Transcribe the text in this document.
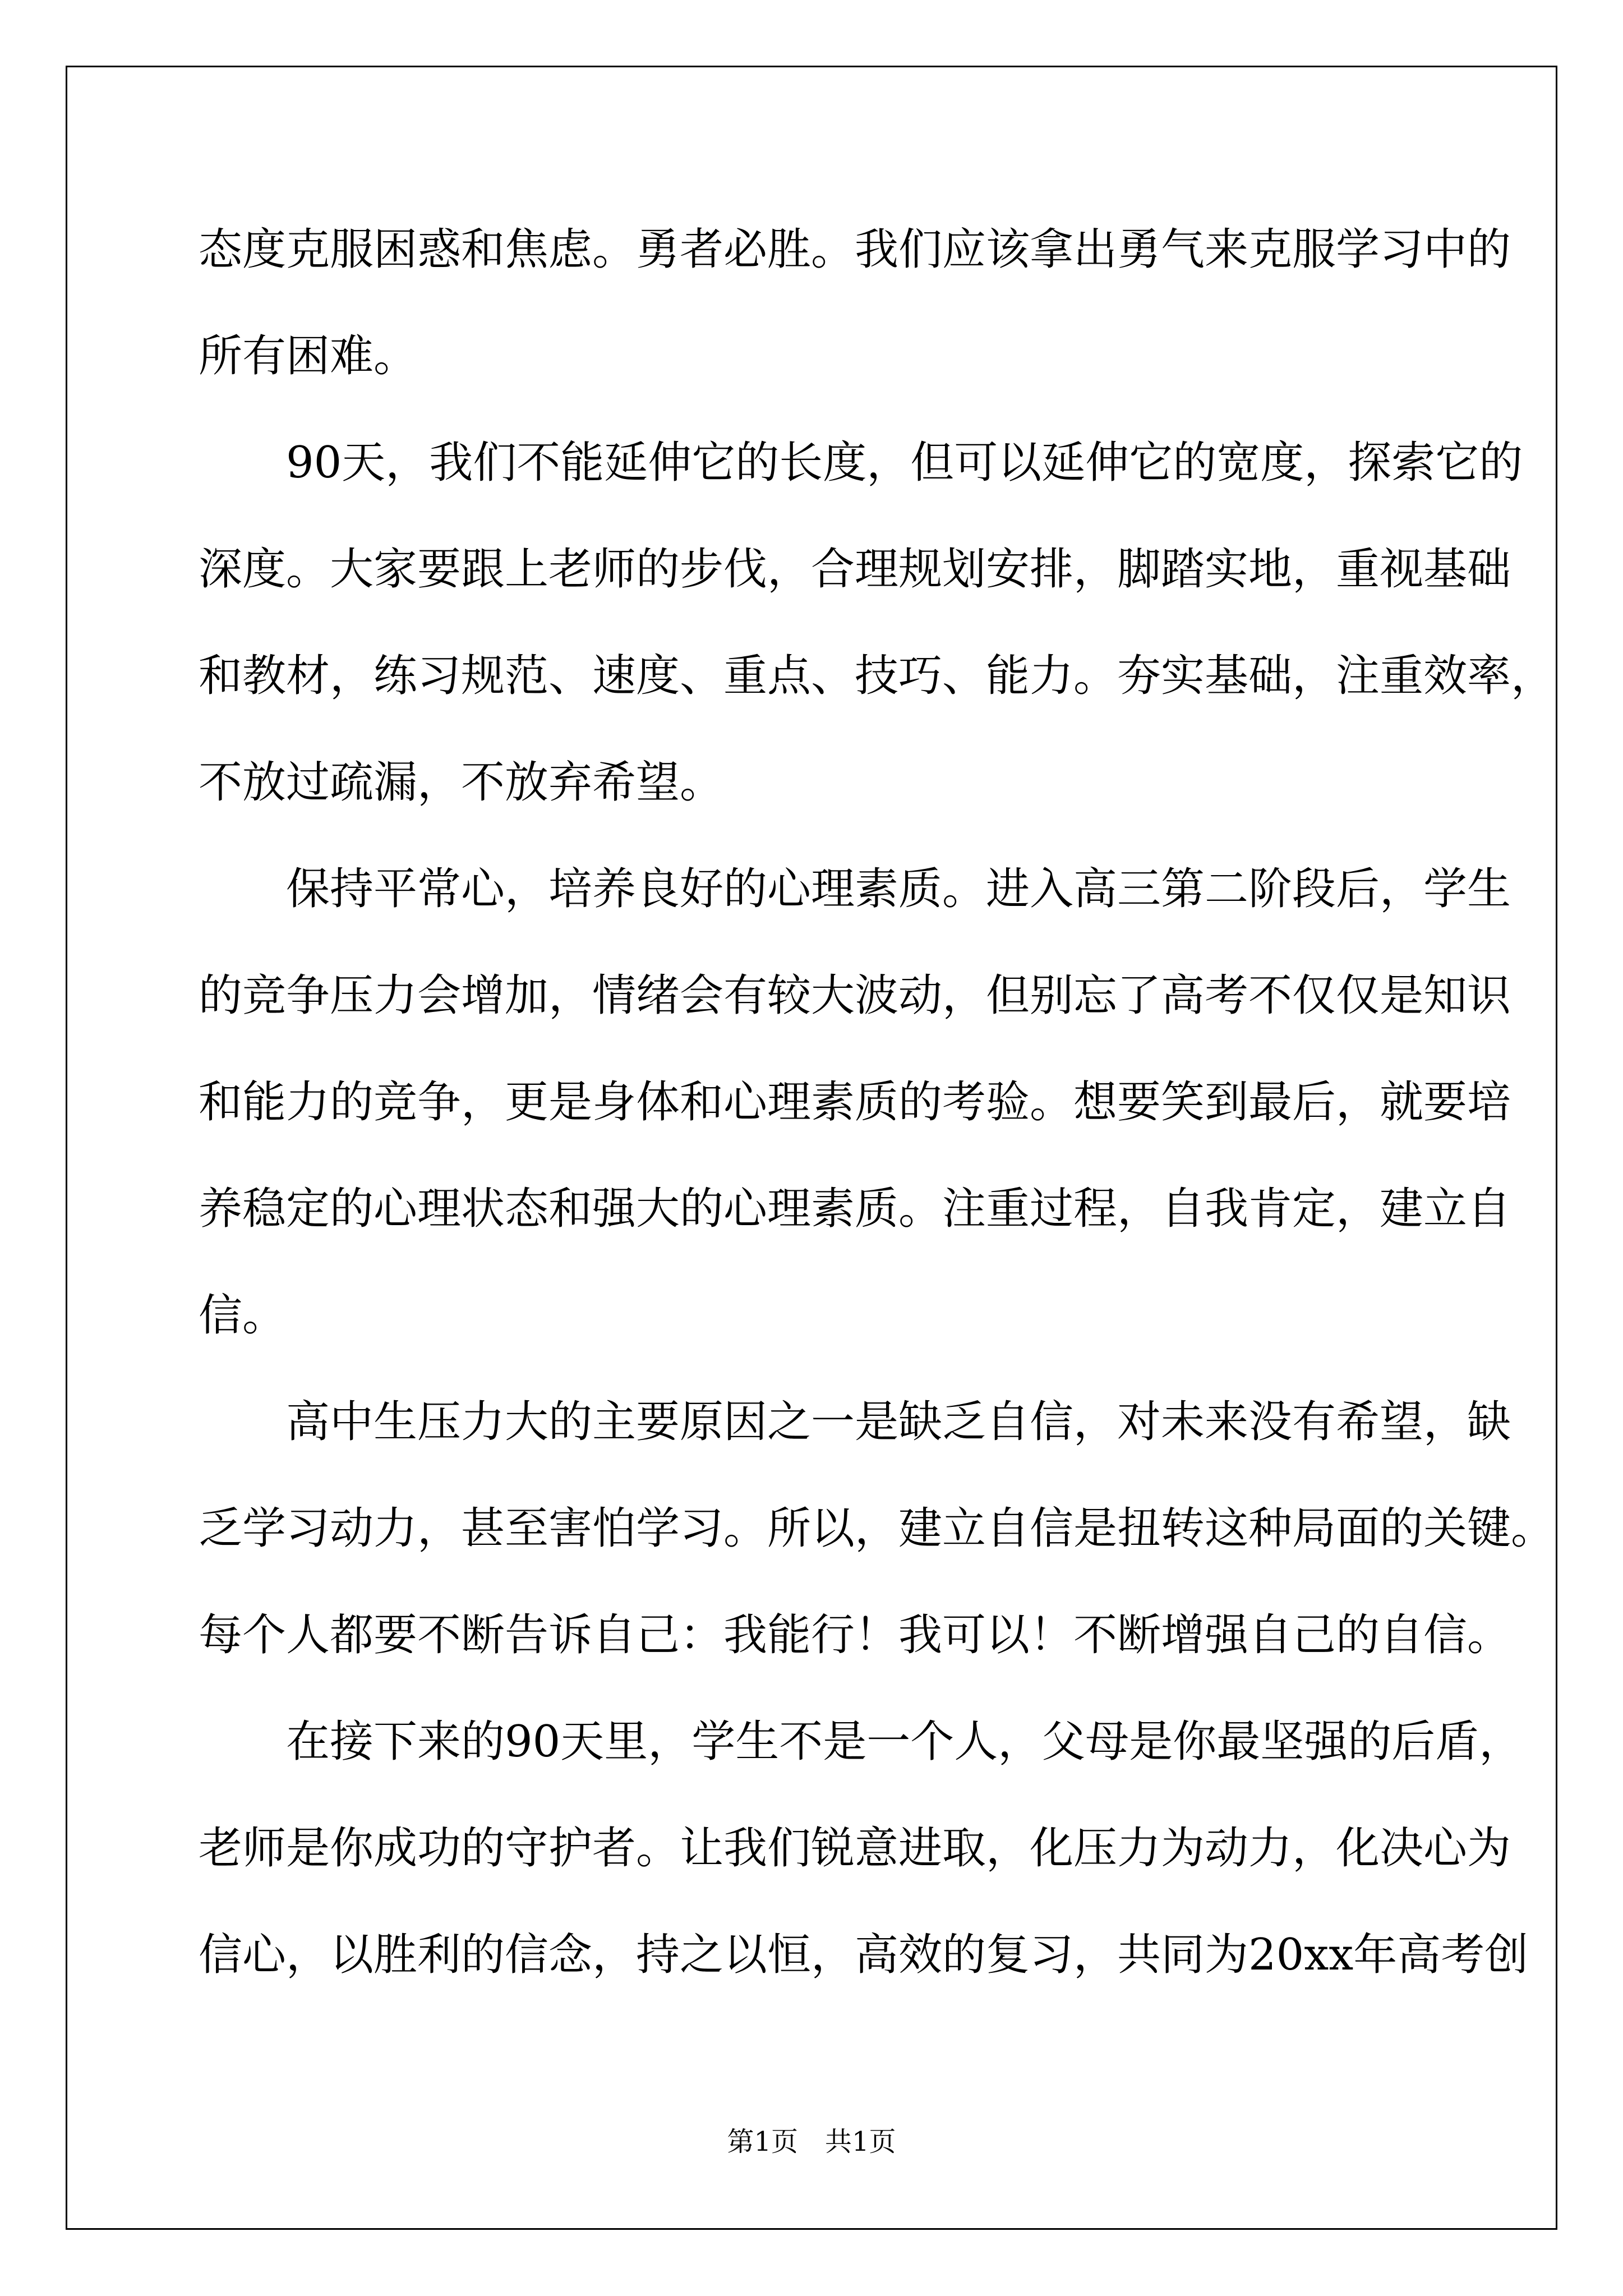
态度克服困惑和焦虑。勇者必胜。我们应该拿出勇气来克服学习中的
所有困难。
90天，我们不能延伸它的长度，但可以延伸它的宽度，探索它的
深度。大家要跟上老师的步伐，合理规划安排，脚踏实地，重视基础
和教材，练习规范、速度、重点、技巧、能力。夯实基础，注重效率，
不放过疏漏，不放弃希望。
保持平常心，培养良好的心理素质。进入高三第二阶段后，学生
的竞争压力会增加，情绪会有较大波动，但别忘了高考不仅仅是知识
和能力的竞争，更是身体和心理素质的考验。想要笑到最后，就要培
养稳定的心理状态和强大的心理素质。注重过程，自我肯定，建立自
信。
高中生压力大的主要原因之一是缺乏自信，对未来没有希望，缺
乏学习动力，甚至害怕学习。所以，建立自信是扭转这种局面的关键。
每个人都要不断告诉自己：我能行！我可以！不断增强自己的自信。
在接下来的90天里，学生不是一个人，父母是你最坚强的后盾，
老师是你成功的守护者。让我们锐意进取，化压力为动力，化决心为
信心，以胜利的信念，持之以恒，高效的复习，共同为20xx年高考创
第1页 共1页
